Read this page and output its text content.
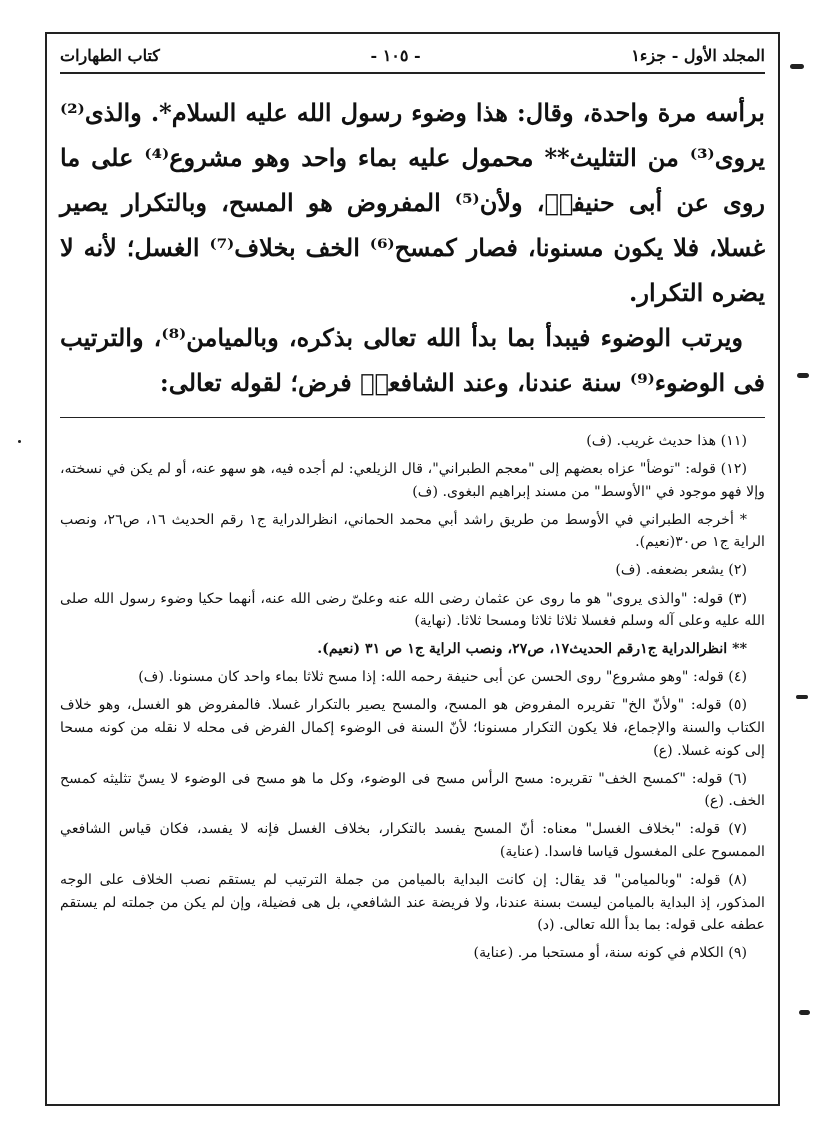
المجلد الأول - جزء١
- ١٠٥ -
كتاب الطهارات

برأسه مرة واحدة، وقال: هذا وضوء رسول الله عليه السلام*. والذى⁽²⁾ يروى⁽³⁾ من التثليث** محمول عليه بماء واحد وهو مشروع⁽⁴⁾ على ما روى عن أبى حنيفةؒ، ولأن⁽⁵⁾ المفروض هو المسح، وبالتكرار يصير غسلا، فلا يكون مسنونا، فصار كمسح⁽⁶⁾ الخف بخلاف⁽⁷⁾ الغسل؛ لأنه لا يضره التكرار.

ويرتب الوضوء فيبدأ بما بدأ الله تعالى بذكره، وبالميامن⁽⁸⁾، والترتيب فى الوضوء⁽⁹⁾ سنة عندنا، وعند الشافعىؒ فرض؛ لقوله تعالى:

(١١) هذا حديث غريب. (ف)

(١٢) قوله: "توضأ" عزاه بعضهم إلى "معجم الطبراني"، قال الزيلعي: لم أجده فيه، هو سهو عنه، أو لم يكن في نسخته، وإلا فهو موجود في "الأوسط" من مسند إبراهيم البغوى. (ف)

* أخرجه الطبراني في الأوسط من طريق راشد أبي محمد الحماني، انظرالدراية ج١ رقم الحديث ١٦، ص٢٦، ونصب الراية ج١ ص٣٠(نعيم).

(٢) يشعر بضعفه. (ف)

(٣) قوله: "والذى يروى" هو ما روى عن عثمان رضى الله عنه وعلىّ رضى الله عنه، أنهما حكيا وضوء رسول الله صلى الله عليه وعلى آله وسلم فغسلا ثلاثا ثلاثا ومسحا ثلاثا. (نهاية)

** انظرالدراية ج١رقم الحديث١٧، ص٢٧، ونصب الراية ج١ ص ٣١ (نعيم).

(٤) قوله: "وهو مشروع" روى الحسن عن أبى حنيفة رحمه الله: إذا مسح ثلاثا بماء واحد كان مسنونا. (ف)

(٥) قوله: "ولأنّ الخ" تقريره المفروض هو المسح، والمسح يصير بالتكرار غسلا. فالمفروض هو الغسل، وهو خلاف الكتاب والسنة والإجماع، فلا يكون التكرار مسنونا؛ لأنّ السنة فى الوضوء إكمال الفرض فى محله لا نقله من كونه مسحا إلى كونه غسلا. (ع)

(٦) قوله: "كمسح الخف" تقريره: مسح الرأس مسح فى الوضوء، وكل ما هو مسح فى الوضوء لا يسنّ تثليثه كمسح الخف. (ع)

(٧) قوله: "بخلاف الغسل" معناه: أنّ المسح يفسد بالتكرار، بخلاف الغسل فإنه لا يفسد، فكان قياس الشافعي الممسوح على المغسول قياسا فاسدا. (عناية)

(٨) قوله: "وبالميامن" قد يقال: إن كانت البداية بالميامن من جملة الترتيب لم يستقم نصب الخلاف على الوجه المذكور، إذ البداية بالميامن ليست بسنة عندنا، ولا فريضة عند الشافعي، بل هى فضيلة، وإن لم يكن من جملته لم يستقم عطفه على قوله: بما بدأ الله تعالى. (د)

(٩) الكلام في كونه سنة، أو مستحبا مر. (عناية)
